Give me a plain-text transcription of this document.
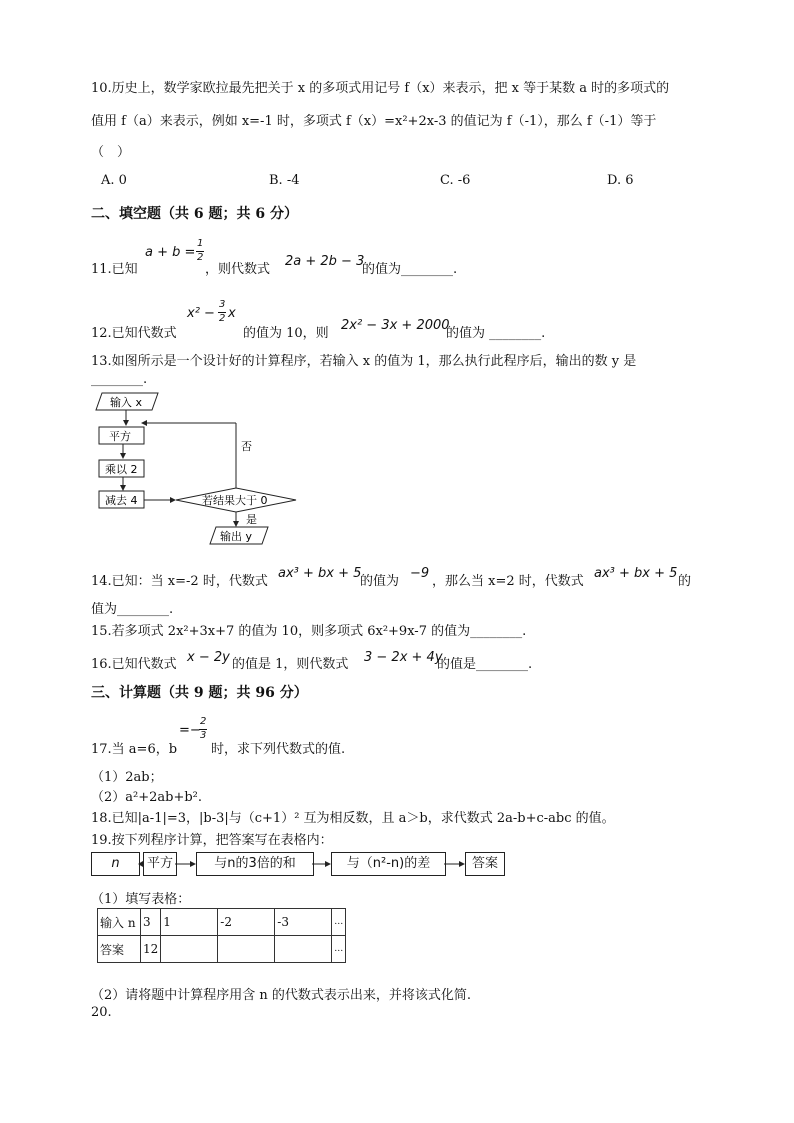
10.历史上，数学家欧拉最先把关于 x 的多项式用记号 f（x）来表示，把 x 等于某数 a 时的多项式的
值用 f（a）来表示，例如 x=-1 时，多项式 f（x）=x²+2x-3 的值记为 f（-1），那么 f（-1）等于
（　）
A. 0	B. -4	C. -6	D. 6
二、填空题（共 6 题；共 6 分）
11.已知
a + b =
1
2
，则代数式
2a + 2b − 3
的值为________.
12.已知代数式
x² −
3
2 x
的值为 10，则
2x² − 3x + 2000
的值为 ________.
13.如图所示是一个设计好的计算程序，若输入 x 的值为 1，那么执行此程序后，输出的数 y 是
________.
输入 x
否
平方
乘以 2
减去 4	若结果大于 0
是
输出 y
14.已知：当 x=-2 时，代数式
ax³ + bx + 5
的值为
−9
，那么当 x=2 时，代数式
ax³ + bx + 5
的
值为________.
15.若多项式 2x²+3x+7 的值为 10，则多项式 6x²+9x-7 的值为________.
16.已知代数式 x − 2y 的值是 1，则代数式 3 − 2x + 4y
的值是________.
三、计算题（共 9 题；共 96 分）
17.当 a=6，b
=−
2
3
时，求下列代数式的值.
（1）2ab；
（2）a²+2ab+b².
18.已知|a-1|=3，|b-3|与（c+1）² 互为相反数，且 a＞b，求代数式 2a-b+c-abc 的值。
19.按下列程序计算，把答案写在表格内：
n	平方	与n的3倍的和	与（n²-n)的差	答案
（1）填写表格：
输入 n	3	1	-2	-3	…
答案	12				…
（2）请将题中计算程序用含 n 的代数式表示出来，并将该式化简.
20.
